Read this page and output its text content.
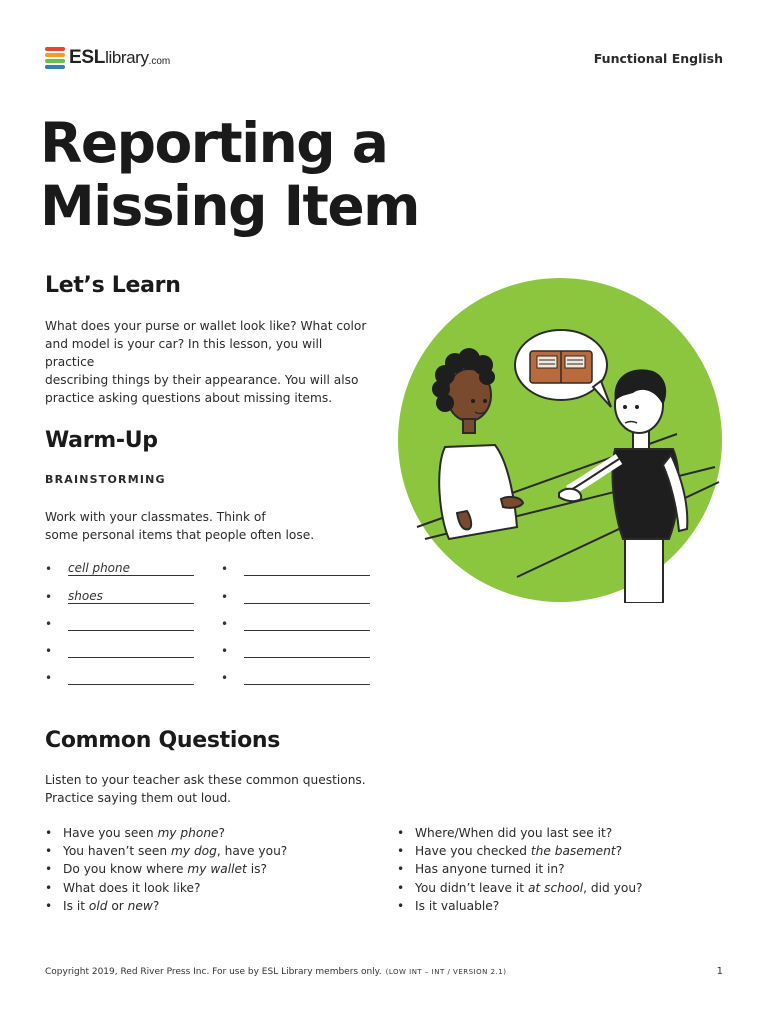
ESL library .com	Functional English
Reporting a
Missing Item
Let’s Learn
What does your purse or wallet look like? What color
and model is your car? In this lesson, you will practice
describing things by their appearance. You will also
practice asking questions about missing items.
Warm-Up
BRAINSTORMING
Work with your classmates. Think of
some personal items that people often lose.
• cell phone	•
• shoes	•
•	•
•	•
•	•
Common Questions
Listen to your teacher ask these common questions.
Practice saying them out loud.
• Have you seen my phone?
• You haven’t seen my dog, have you?
• Do you know where my wallet is?
• What does it look like?
• Is it old or new?
• Where/When did you last see it?
• Have you checked the basement?
• Has anyone turned it in?
• You didn’t leave it at school, did you?
• Is it valuable?
Copyright 2019, Red River Press Inc. For use by ESL Library members only. (LOW INT – INT / VERSION 2.1)	1
